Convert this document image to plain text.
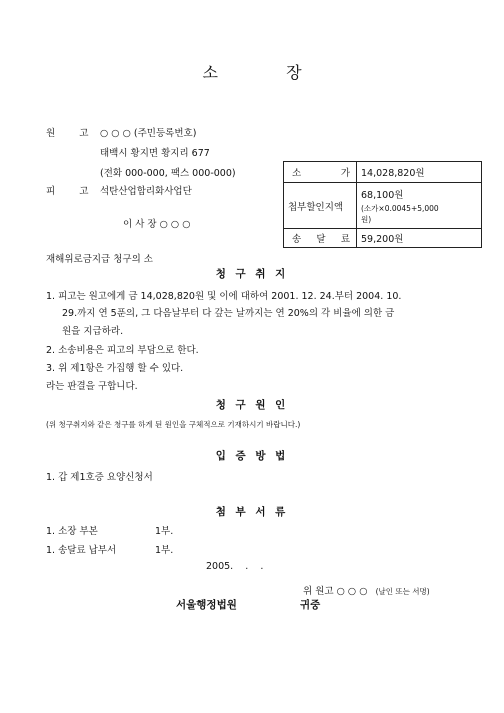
소	장
원	고 ○ ○ ○ (주민등록번호)
태백시 황지면 황지리 677
(전화 000-000, 팩스 000-000)
피	고 석탄산업합리화사업단
이 사 장 ○ ○ ○
소 가	14,028,820원
첩부할인지액	68,100원
(소가×0.0045+5,000
원)

송 달 료	59,200원
재해위로금지급 청구의 소
청 구 취 지
1. 피고는 원고에게 금 14,028,820원 및 이에 대하여 2001. 12. 24.부터 2004. 10.
29.까지 연 5푼의, 그 다음날부터 다 갚는 날까지는 연 20%의 각 비율에 의한 금
원을 지급하라.
2. 소송비용은 피고의 부담으로 한다.
3. 위 제1항은 가집행 할 수 있다.
라는 판결을 구합니다.
청 구 원 인
(위 청구취지와 같은 청구를 하게 된 원인을 구체적으로 기재하시기 바랍니다.)
입 증 방 법
1. 갑 제1호증 요양신청서
첨 부 서 류
1. 소장 부본	1부.
1. 송달료 납부서	1부.
2005.    .    .
위 원고 ○ ○ ○ (날인 또는 서명)
서울행정법원	귀중
